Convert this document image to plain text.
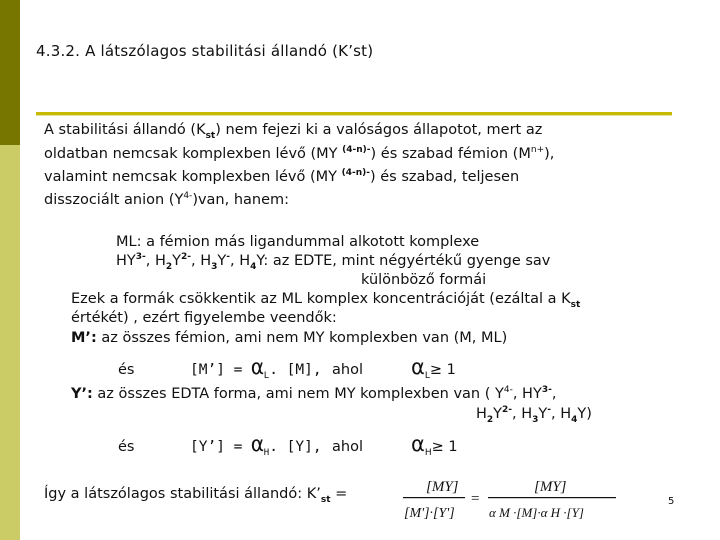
4.3.2. A látszólagos stabilitási állandó (K’st)
A stabilitási állandó $(K_{st})$ nem fejezi ki a valóságos állapotot, mert az
oldatban nemcsak komplexben lévő (MY $^{(4-n)-}$) és szabad fémion $(M^{n+})$,
valamint nemcsak komplexben lévő (MY $^{(4-n)-}$) és szabad, teljesen
disszociált anion $(Y^{4-})van$, hanem:
ML: a fémion más ligandummal alkotott komplexe
$HY^{3-}$, $H_2Y^{2-}$, $H_3Y^-$, $H_4Y$: az EDTE, mint négyértékű gyenge sav
különböző formái
Ezek a formák csökkentik az ML komplex koncentrációját (ezáltal a $K_{st}$
értékét) , ezért figyelembe veendők:
M’: az összes fémion, ami nem MY komplexben van (M, ML)
és	[M’] = $\alpha_L$. [M], ahol $\alpha_L\ge 1$
Y’: az összes EDTA forma, ami nem MY komplexben van ( $Y^{4-}$, $HY^{3-}$,
$H_2Y^{2-}$, $H_3Y^-$, $H_4Y$)
és	[Y’] = $\alpha_H$. [Y], ahol $\alpha_H\ge 1$
Így a látszólagos stabilitási állandó: $K’_{st}$ =	[MY]
[M']·[Y']
=
[MY]
α M ·[M]·α H ·[Y]
5
